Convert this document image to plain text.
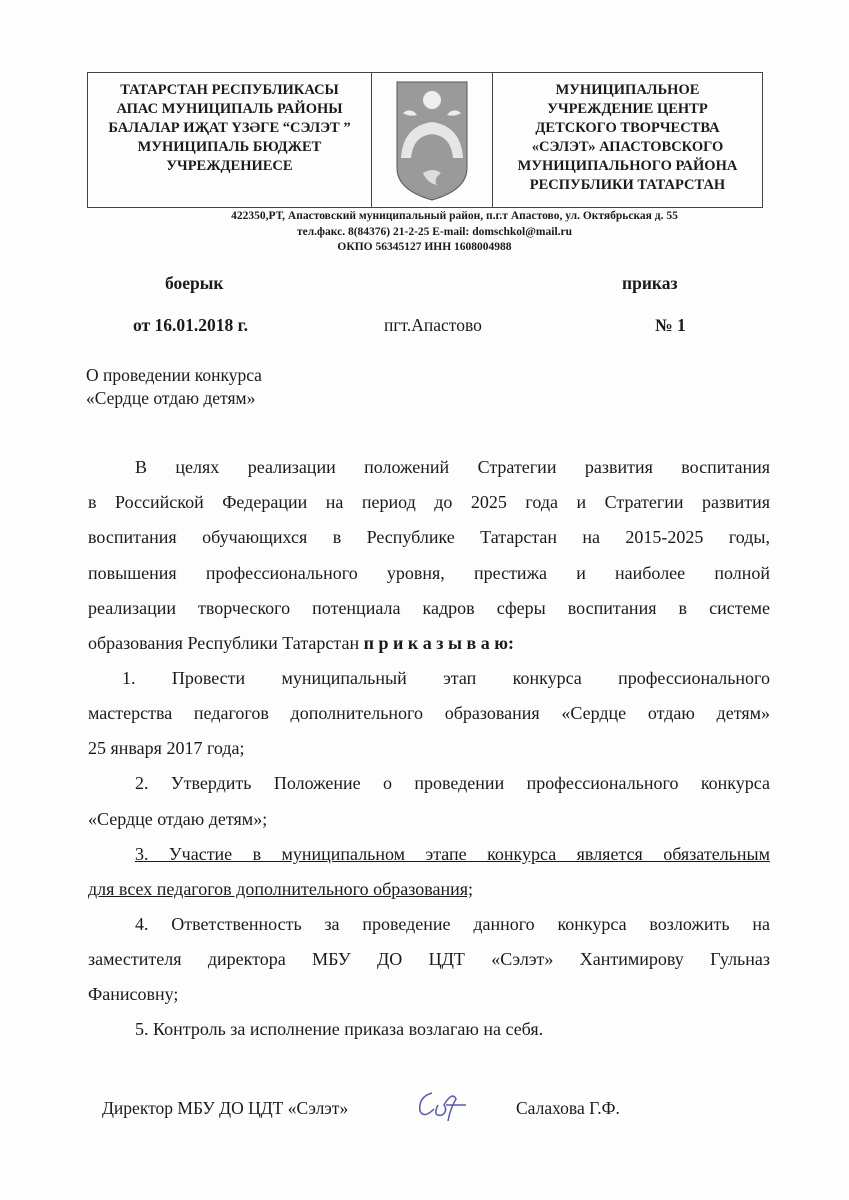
ТАТАРСТАН РЕСПУБЛИКАСЫ
АПАС МУНИЦИПАЛЬ РАЙОНЫ
БАЛАЛАР ИҖАТ ҮЗӘГЕ “СЭЛЭТ ”
МУНИЦИПАЛЬ БЮДЖЕТ
УЧРЕЖДЕНИЕСЕ
МУНИЦИПАЛЬНОЕ
УЧРЕЖДЕНИЕ ЦЕНТР
ДЕТСКОГО ТВОРЧЕСТВА
«СЭЛЭТ» АПАСТОВСКОГО
МУНИЦИПАЛЬНОГО РАЙОНА
РЕСПУБЛИКИ ТАТАРСТАН
422350,РТ, Апастовский муниципальный район, п.г.т Апастово, ул. Октябрьская д. 55
тел.факс. 8(84376) 21-2-25 E-mail: domschkol@mail.ru
ОКПО 56345127 ИНН 1608004988
боерык	приказ
от 16.01.2018 г.	пгт.Апастово	№ 1
О проведении конкурса
«Сердце отдаю детям»
В целях реализации положений Стратегии развития воспитания
в Российской Федерации на период до 2025 года и Стратегии развития
воспитания обучающихся в Республике Татарстан на 2015-2025 годы,
повышения профессионального уровня, престижа и наиболее полной
реализации творческого потенциала кадров сферы воспитания в системе
образования Республики Татарстан п р и к а з ы в а ю:
1. Провести муниципальный этап конкурса профессионального
мастерства педагогов дополнительного образования «Сердце отдаю детям»
25 января 2017 года;
2. Утвердить Положение о проведении профессионального конкурса
«Сердце отдаю детям»;
3. Участие в муниципальном этапе конкурса является обязательным
для всех педагогов дополнительного образования;
4. Ответственность за проведение данного конкурса возложить на
заместителя директора МБУ ДО ЦДТ «Сэлэт» Хантимирову Гульназ
Фанисовну;
5. Контроль за исполнение приказа возлагаю на себя.
Директор МБУ ДО ЦДТ «Сэлэт»	Салахова Г.Ф.
